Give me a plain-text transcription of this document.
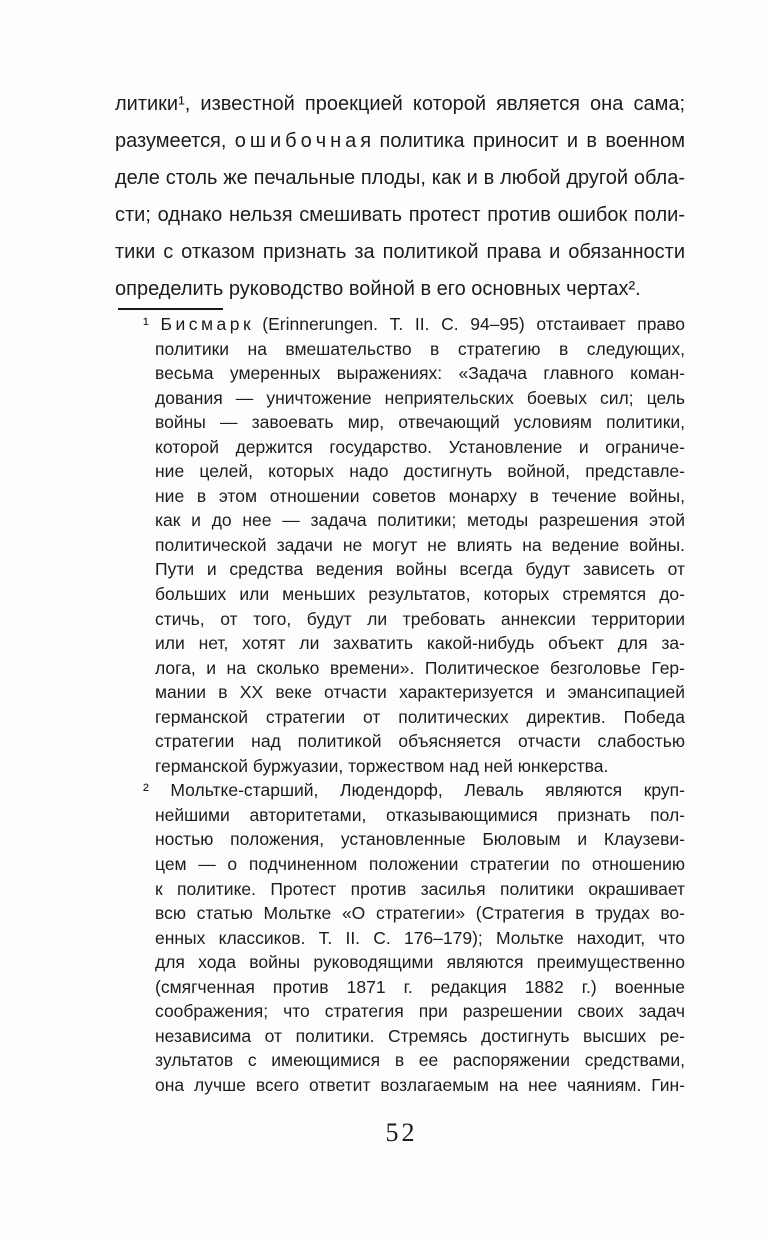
литики¹, известной проекцией которой является она сама;
разумеется, о ш и б о ч н а я политика приносит и в военном
деле столь же печальные плоды, как и в любой другой обла-
сти; однако нельзя смешивать протест против ошибок поли-
тики с отказом признать за политикой права и обязанности
определить руководство войной в его основных чертах².
¹ Б и с м а р к (Erinnerungen. Т. II. С. 94–95) отстаивает право
политики на вмешательство в стратегию в следующих,
весьма умеренных выражениях: «Задача главного коман-
дования — уничтожение неприятельских боевых сил; цель
войны — завоевать мир, отвечающий условиям политики,
которой держится государство. Установление и ограниче-
ние целей, которых надо достигнуть войной, представле-
ние в этом отношении советов монарху в течение войны,
как и до нее — задача политики; методы разрешения этой
политической задачи не могут не влиять на ведение войны.
Пути и средства ведения войны всегда будут зависеть от
больших или меньших результатов, которых стремятся до-
стичь, от того, будут ли требовать аннексии территории
или нет, хотят ли захватить какой-нибудь объект для за-
лога, и на сколько времени». Политическое безголовье Гер-
мании в XX веке отчасти характеризуется и эмансипацией
германской стратегии от политических директив. Победа
стратегии над политикой объясняется отчасти слабостью
германской буржуазии, торжеством над ней юнкерства.
² Мольтке-старший, Людендорф, Леваль являются круп-
нейшими авторитетами, отказывающимися признать пол-
ностью положения, установленные Бюловым и Клаузеви-
цем — о подчиненном положении стратегии по отношению
к политике. Протест против засилья политики окрашивает
всю статью Мольтке «О стратегии» (Стратегия в трудах во-
енных классиков. Т. II. С. 176–179); Мольтке находит, что
для хода войны руководящими являются преимущественно
(смягченная против 1871 г. редакция 1882 г.) военные
соображения; что стратегия при разрешении своих задач
независима от политики. Стремясь достигнуть высших ре-
зультатов с имеющимися в ее распоряжении средствами,
она лучше всего ответит возлагаемым на нее чаяниям. Гин-
52
